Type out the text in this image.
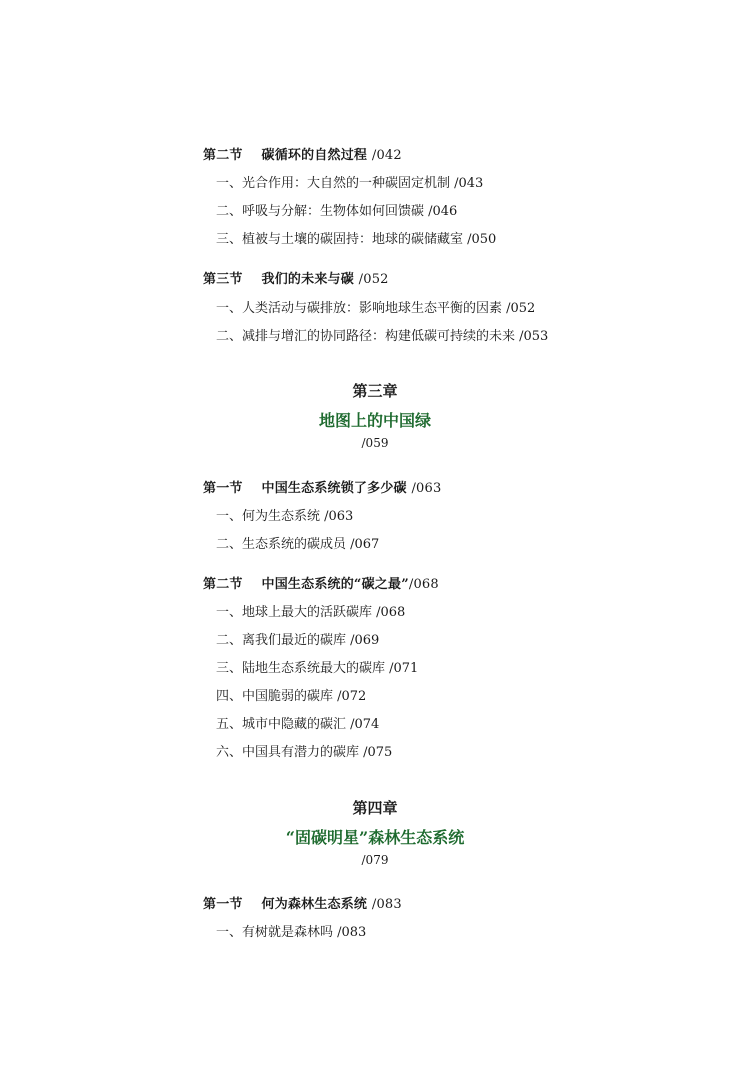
第二节 碳循环的自然过程 /042
一、光合作用：大自然的一种碳固定机制 /043
二、呼吸与分解：生物体如何回馈碳 /046
三、植被与土壤的碳固持：地球的碳储藏室 /050
第三节 我们的未来与碳 /052
一、人类活动与碳排放：影响地球生态平衡的因素 /052
二、减排与增汇的协同路径：构建低碳可持续的未来 /053
第三章
地图上的中国绿
/059
第一节 中国生态系统锁了多少碳 /063
一、何为生态系统 /063
二、生态系统的碳成员 /067
第二节 中国生态系统的“碳之最”/068
一、地球上最大的活跃碳库 /068
二、离我们最近的碳库 /069
三、陆地生态系统最大的碳库 /071
四、中国脆弱的碳库 /072
五、城市中隐藏的碳汇 /074
六、中国具有潜力的碳库 /075
第四章
“固碳明星”森林生态系统
/079
第一节 何为森林生态系统 /083
一、有树就是森林吗 /083
